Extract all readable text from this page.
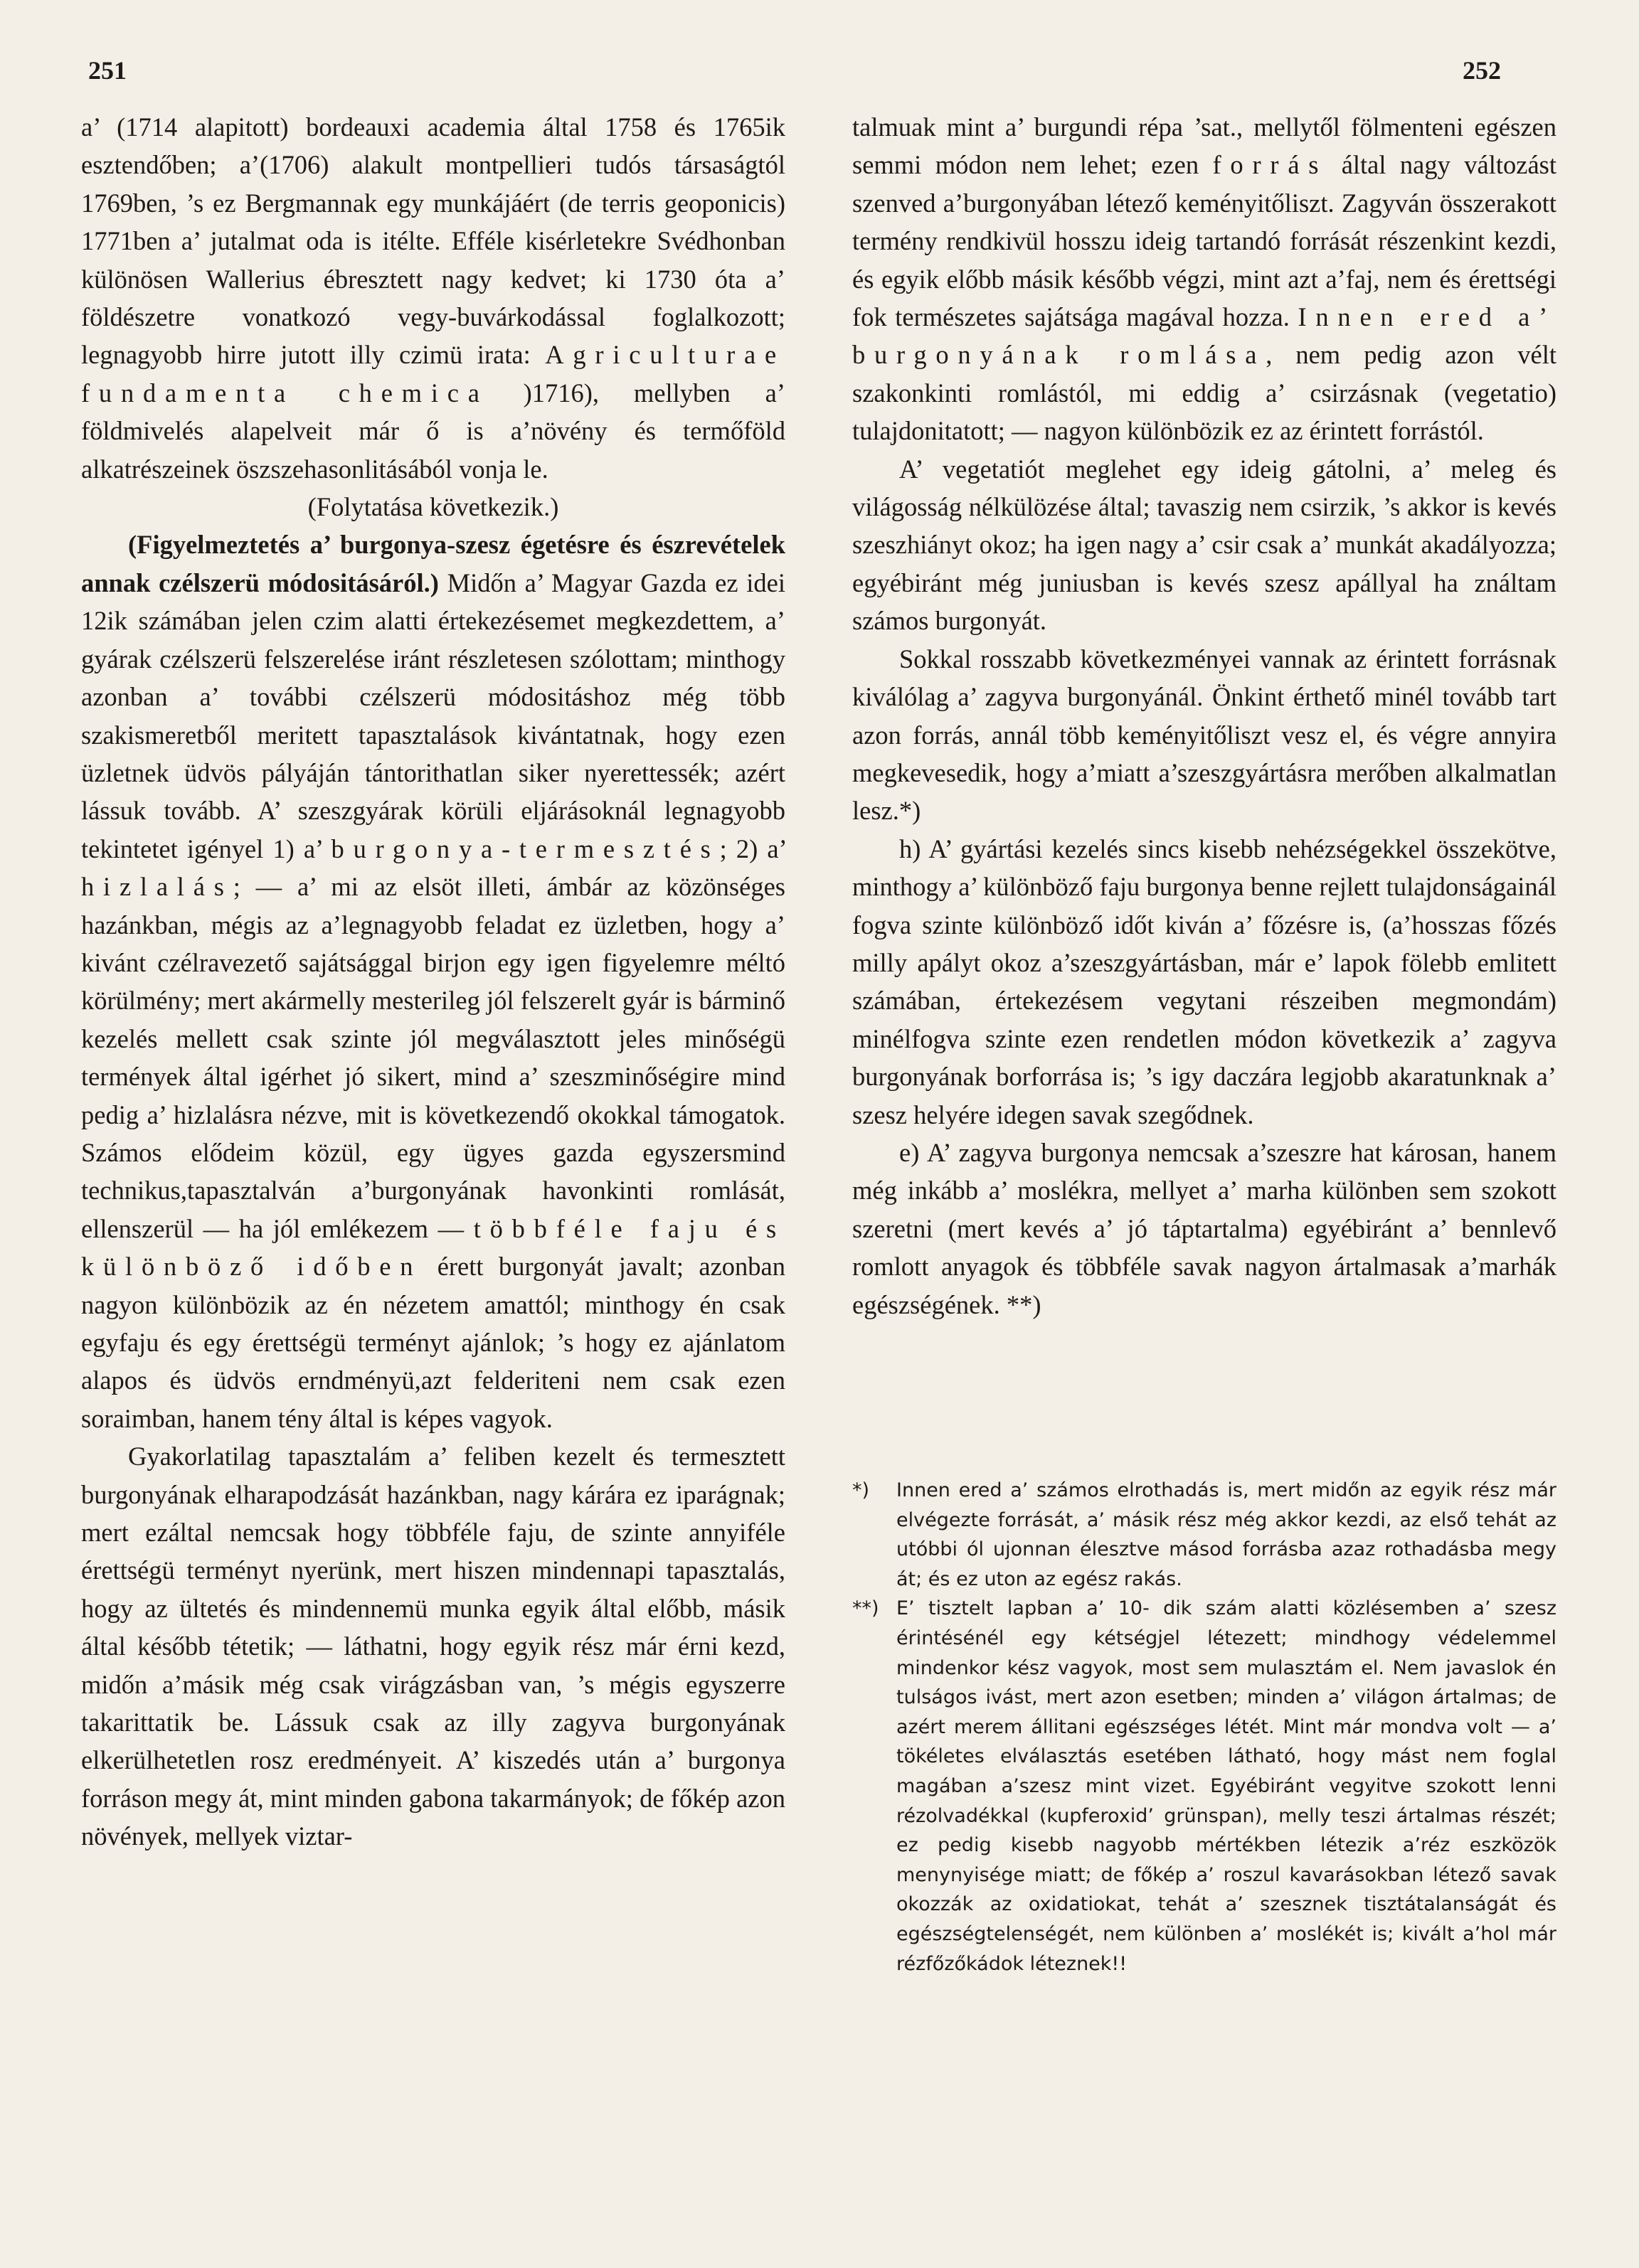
251	252

a’ (1714 alapitott) bordeauxi academia által 1758 és 1765ik esztendőben; a’(1706) alakult montpellieri tudós társaságtól 1769ben, ’s ez Bergmannak egy munkájáért (de terris geoponicis) 1771ben a’ jutalmat oda is itélte. Efféle kisérletekre Svédhonban különösen Wallerius ébresztett nagy kedvet; ki 1730 óta a’ földészetre vonatkozó vegy-buvárkodással foglalkozott; legnagyobb hirre jutott illy czimü irata: Agriculturae fundamenta chemica )1716), mellyben a’ földmivelés alapelveit már ő is a’növény és termőföld alkatrészeinek öszszehasonlitásából vonja le.

(Folytatása következik.)

(Figyelmeztetés a’ burgonya-szesz égetésre és észrevételek annak czélszerü módositásáról.) Midőn a’ Magyar Gazda ez idei 12ik számában jelen czim alatti értekezésemet megkezdettem, a’ gyárak czélszerü felszerelése iránt részletesen szólottam; minthogy azonban a’ további czélszerü módositáshoz még több szakismeretből meritett tapasztalások kivántatnak, hogy ezen üzletnek üdvös pályáján tántorithatlan siker nyerettessék; azért lássuk tovább. A’ szeszgyárak körüli eljárásoknál legnagyobb tekintetet igényel 1) a’ burgonya-termesztés; 2) a’ hizlalás; — a’ mi az elsöt illeti, ámbár az közönséges hazánkban, mégis az a’legnagyobb feladat ez üzletben, hogy a’ kivánt czélravezető sajátsággal birjon egy igen figyelemre méltó körülmény; mert akármelly mesterileg jól felszerelt gyár is bárminő kezelés mellett csak szinte jól megválasztott jeles minőségü termények által igérhet jó sikert, mind a’ szeszminőségire mind pedig a’ hizlalásra nézve, mit is következendő okokkal támogatok. Számos elődeim közül, egy ügyes gazda egyszersmind technikus,tapasztalván a’burgonyának havonkinti romlását, ellenszerül — ha jól emlékezem — többféle faju és különböző időben érett burgonyát javalt; azonban nagyon különbözik az én nézetem amattól; minthogy én csak egyfaju és egy érettségü terményt ajánlok; ’s hogy ez ajánlatom alapos és üdvös erndményü,azt felderiteni nem csak ezen soraimban, hanem tény által is képes vagyok.

Gyakorlatilag tapasztalám a’ feliben kezelt és termesztett burgonyának elharapodzását hazánkban, nagy kárára ez iparágnak; mert ezáltal nemcsak hogy többféle faju, de szinte annyiféle érettségü terményt nyerünk, mert hiszen mindennapi tapasztalás, hogy az ültetés és mindennemü munka egyik által előbb, másik által később tétetik; — láthatni, hogy egyik rész már érni kezd, midőn a’másik még csak virágzásban van, ’s mégis egyszerre takarittatik be. Lássuk csak az illy zagyva burgonyának elkerülhetetlen rosz eredményeit. A’ kiszedés után a’ burgonya forráson megy át, mint minden gabona takarmányok; de főkép azon növények, mellyek viztar-

talmuak mint a’ burgundi répa ’sat., mellytől fölmenteni egészen semmi módon nem lehet; ezen forrás által nagy változást szenved a’burgonyában létező keményitőliszt. Zagyván összerakott termény rendkivül hosszu ideig tartandó forrását részenkint kezdi, és egyik előbb másik később végzi, mint azt a’faj, nem és érettségi fok természetes sajátsága magával hozza. Innen ered a’ burgonyának romlása, nem pedig azon vélt szakonkinti romlástól, mi eddig a’ csirzásnak (vegetatio) tulajdonitatott; — nagyon különbözik ez az érintett forrástól.

A’ vegetatiót meglehet egy ideig gátolni, a’ meleg és világosság nélkülözése által; tavaszig nem csirzik, ’s akkor is kevés szeszhiányt okoz; ha igen nagy a’ csir csak a’ munkát akadályozza; egyébiránt még juniusban is kevés szesz apállyal ha ználtam számos burgonyát.

Sokkal rosszabb következményei vannak az érintett forrásnak kiválólag a’ zagyva burgonyánál. Önkint érthető minél tovább tart azon forrás, annál több keményitőliszt vesz el, és végre annyira megkevesedik, hogy a’miatt a’szeszgyártásra merőben alkalmatlan lesz.*)

h) A’ gyártási kezelés sincs kisebb nehézségekkel összekötve, minthogy a’ különböző faju burgonya benne rejlett tulajdonságainál fogva szinte különböző időt kiván a’ főzésre is, (a’hosszas főzés milly apályt okoz a’szeszgyártásban, már e’ lapok fölebb emlitett számában, értekezésem vegytani részeiben megmondám) minélfogva szinte ezen rendetlen módon következik a’ zagyva burgonyának borforrása is; ’s igy daczára legjobb akaratunknak a’ szesz helyére idegen savak szegődnek.

e) A’ zagyva burgonya nemcsak a’szeszre hat károsan, hanem még inkább a’ moslékra, mellyet a’ marha különben sem szokott szeretni (mert kevés a’ jó táptartalma) egyébiránt a’ bennlevő romlott anyagok és többféle savak nagyon ártalmasak a’marhák egészségének. **)

*) Innen ered a’ számos elrothadás is, mert midőn az egyik rész már elvégezte forrását, a’ másik rész még akkor kezdi, az első tehát az utóbbi ól ujonnan élesztve másod forrásba azaz rothadásba megy át; és ez uton az egész rakás.

**) E’ tisztelt lapban a’ 10- dik szám alatti közlésemben a’ szesz érintésénél egy kétségjel létezett; mindhogy védelemmel mindenkor kész vagyok, most sem mulasztám el. Nem javaslok én tulságos ivást, mert azon esetben; minden a’ világon ártalmas; de azért merem állitani egészséges létét. Mint már mondva volt — a’ tökéletes elválasztás esetében látható, hogy mást nem foglal magában a’szesz mint vizet. Egyébiránt vegyitve szokott lenni rézolvadékkal (kupferoxid’ grünspan), melly teszi ártalmas részét; ez pedig kisebb nagyobb mértékben létezik a’réz eszközök menynyisége miatt; de főkép a’ roszul kavarásokban létező savak okozzák az oxidatiokat, tehát a’ szesznek tisztátalanságát és egészségtelenségét, nem különben a’ moslékét is; kivált a’hol már rézfőzőkádok léteznek!!
